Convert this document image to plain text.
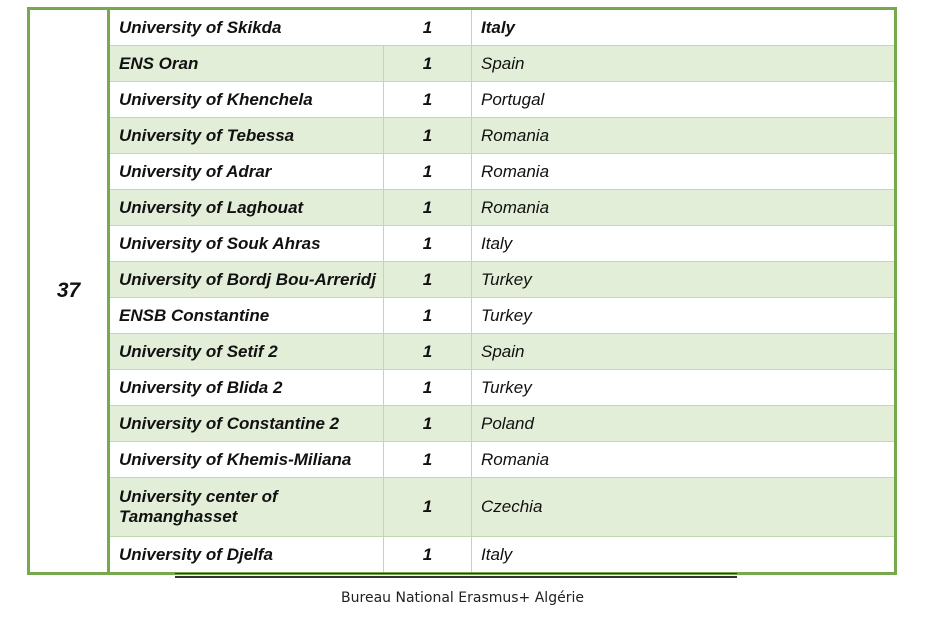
37	University of Skikda	1	Italy
	ENS Oran	1	Spain
	University of Khenchela	1	Portugal
	University of Tebessa	1	Romania
	University of Adrar	1	Romania
	University of Laghouat	1	Romania
	University of Souk Ahras	1	Italy
	University of Bordj Bou-Arreridj	1	Turkey
	ENSB Constantine	1	Turkey
	University of Setif 2	1	Spain
	University of Blida 2	1	Turkey
	University of Constantine 2	1	Poland
	University of Khemis-Miliana	1	Romania
	University center of Tamanghasset	1	Czechia
	University of Djelfa	1	Italy
Bureau National Erasmus+ Algérie
